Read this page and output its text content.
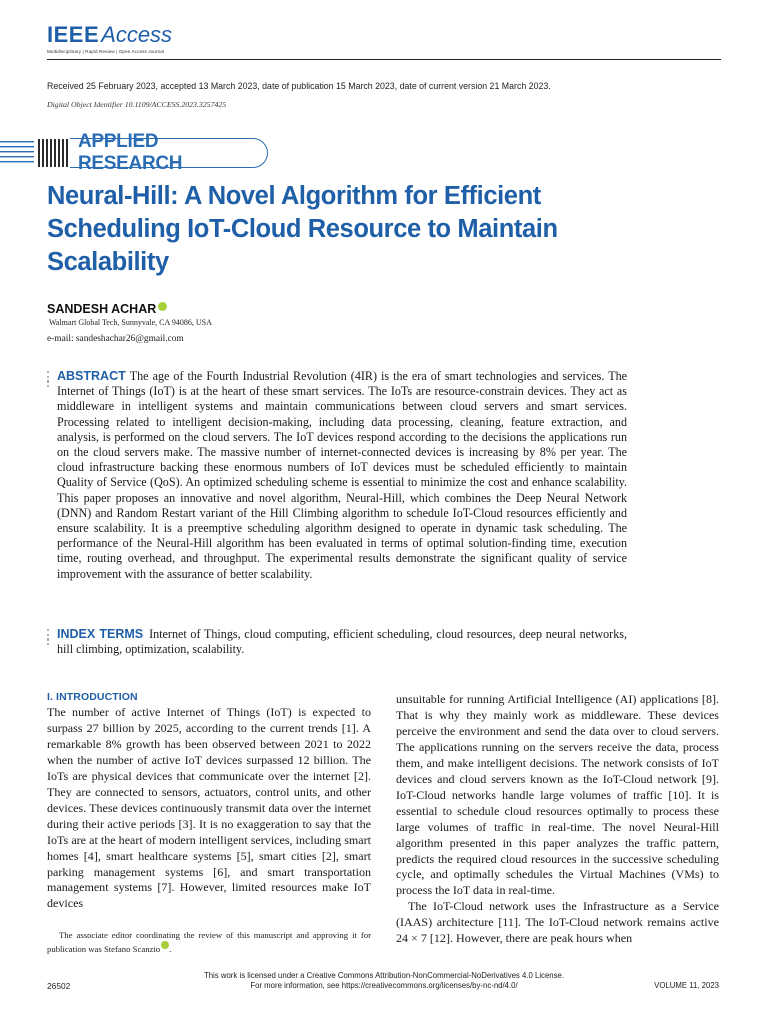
IEEE Access
Multidisciplinary | Rapid Review | Open Access Journal
Received 25 February 2023, accepted 13 March 2023, date of publication 15 March 2023, date of current version 21 March 2023.
Digital Object Identifier 10.1109/ACCESS.2023.3257425
APPLIED RESEARCH
Neural-Hill: A Novel Algorithm for Efficient
Scheduling IoT-Cloud Resource to Maintain
Scalability
SANDESH ACHAR
Walmart Global Tech, Sunnyvale, CA 94086, USA
e-mail: sandeshachar26@gmail.com
ABSTRACT The age of the Fourth Industrial Revolution (4IR) is the era of smart technologies and services. The Internet of Things (IoT) is at the heart of these smart services. The IoTs are resource-constrain devices. They act as middleware in intelligent systems and maintain communications between cloud servers and smart services. Processing related to intelligent decision-making, including data processing, cleaning, feature extraction, and analysis, is performed on the cloud servers. The IoT devices respond according to the decisions the applications run on the cloud servers make. The massive number of internet-connected devices is increasing by 8% per year. The cloud infrastructure backing these enormous numbers of IoT devices must be scheduled efficiently to maintain Quality of Service (QoS). An optimized scheduling scheme is essential to minimize the cost and enhance scalability. This paper proposes an innovative and novel algorithm, Neural-Hill, which combines the Deep Neural Network (DNN) and Random Restart variant of the Hill Climbing algorithm to schedule IoT-Cloud resources efficiently and ensure scalability. It is a preemptive scheduling algorithm designed to operate in dynamic task scheduling. The performance of the Neural-Hill algorithm has been evaluated in terms of optimal solution-finding time, execution time, routing overhead, and throughput. The experimental results demonstrate the significant quality of service improvement with the assurance of better scalability.
INDEX TERMS Internet of Things, cloud computing, efficient scheduling, cloud resources, deep neural networks, hill climbing, optimization, scalability.
I. INTRODUCTION

The number of active Internet of Things (IoT) is expected to surpass 27 billion by 2025, according to the current trends [1]. A remarkable 8% growth has been observed between 2021 to 2022 when the number of active IoT devices surpassed 12 billion. The IoTs are physical devices that communicate over the internet [2]. They are connected to sensors, actuators, control units, and other devices. These devices continuously transmit data over the internet during their active periods [3]. It is no exaggeration to say that the IoTs are at the heart of modern intelligent services, including smart homes [4], smart healthcare systems [5], smart cities [2], smart parking management systems [6], and smart transportation management systems [7]. However, limited resources make IoT devices

unsuitable for running Artificial Intelligence (AI) applications [8]. That is why they mainly work as middleware. These devices perceive the environment and send the data over to cloud servers. The applications running on the servers receive the data, process them, and make intelligent decisions. The network consists of IoT devices and cloud servers known as the IoT-Cloud network [9]. IoT-Cloud networks handle large volumes of traffic [10]. It is essential to schedule cloud resources optimally to process these large volumes of traffic in real-time. The novel Neural-Hill algorithm presented in this paper analyzes the traffic pattern, predicts the required cloud resources in the successive scheduling cycle, and optimally schedules the Virtual Machines (VMs) to process the IoT data in real-time.

The IoT-Cloud network uses the Infrastructure as a Service (IAAS) architecture [11]. The IoT-Cloud network remains active 24 × 7 [12]. However, there are peak hours when

The associate editor coordinating the review of this manuscript and approving it for publication was Stefano Scanzio .
This work is licensed under a Creative Commons Attribution-NonCommercial-NoDerivatives 4.0 License.
For more information, see https://creativecommons.org/licenses/by-nc-nd/4.0/
26502	VOLUME 11, 2023
